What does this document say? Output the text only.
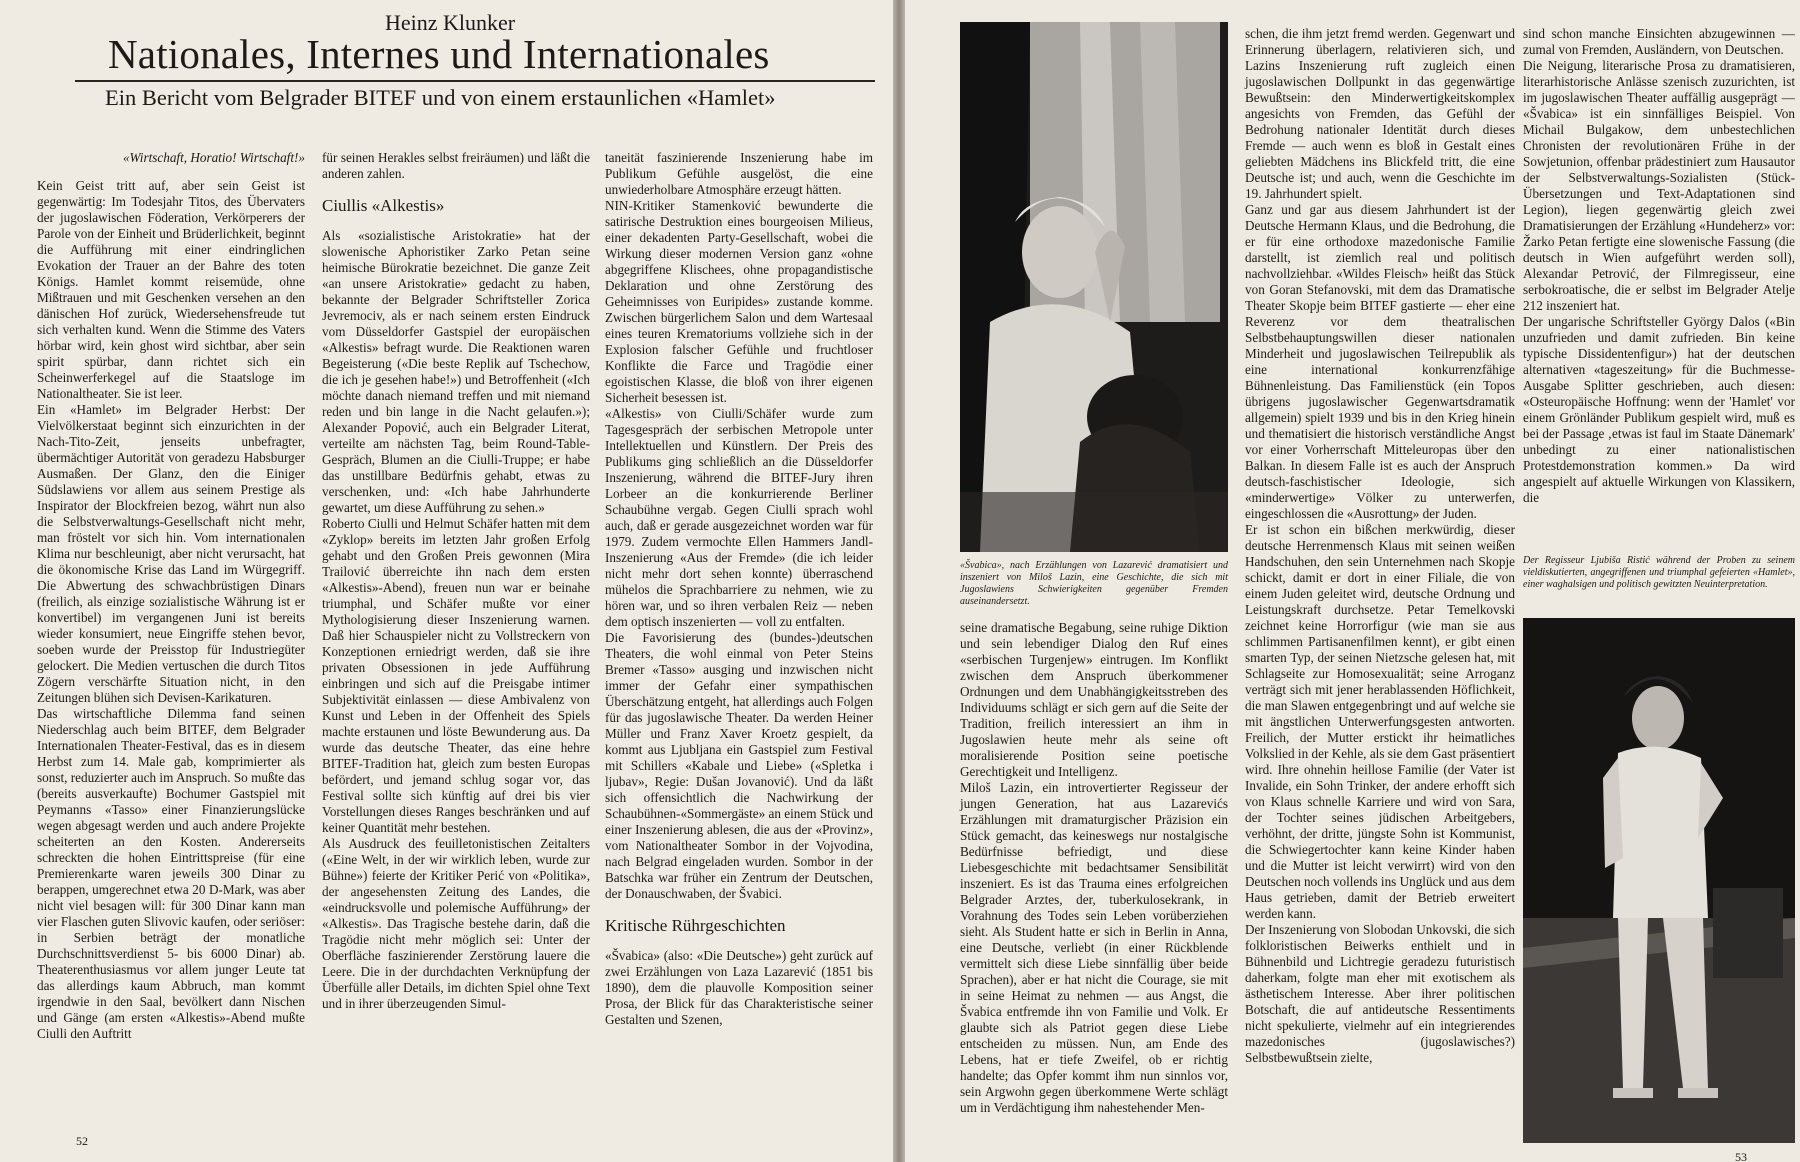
Heinz Klunker
Nationales, Internes und Internationales
Ein Bericht vom Belgrader BITEF und von einem erstaunlichen «Hamlet»

«Wirtschaft, Horatio! Wirtschaft!»

Kein Geist tritt auf, aber sein Geist ist gegenwärtig: Im Todesjahr Titos, des Übervaters der jugoslawischen Föderation, Verkörperers der Parole von der Einheit und Brüderlichkeit, beginnt die Aufführung mit einer eindringlichen Evokation der Trauer an der Bahre des toten Königs. Hamlet kommt reisemüde, ohne Mißtrauen und mit Geschenken versehen an den dänischen Hof zurück, Wiedersehensfreude tut sich verhalten kund. Wenn die Stimme des Vaters hörbar wird, kein ghost wird sichtbar, aber sein spirit spürbar, dann richtet sich ein Scheinwerferkegel auf die Staatsloge im Nationaltheater. Sie ist leer.

Ein «Hamlet» im Belgrader Herbst: Der Vielvölkerstaat beginnt sich einzurichten in der Nach-Tito-Zeit, jenseits unbefragter, übermächtiger Autorität von geradezu Habsburger Ausmaßen. Der Glanz, den die Einiger Südslawiens vor allem aus seinem Prestige als Inspirator der Blockfreien bezog, währt nun also die Selbstverwaltungs-Gesellschaft nicht mehr, man fröstelt vor sich hin. Vom internationalen Klima nur beschleunigt, aber nicht verursacht, hat die ökonomische Krise das Land im Würgegriff. Die Abwertung des schwachbrüstigen Dinars (freilich, als einzige sozialistische Währung ist er konvertibel) im vergangenen Juni ist bereits wieder konsumiert, neue Eingriffe stehen bevor, soeben wurde der Preisstop für Industriegüter gelockert. Die Medien vertuschen die durch Titos Zögern verschärfte Situation nicht, in den Zeitungen blühen sich Devisen-Karikaturen.

Das wirtschaftliche Dilemma fand seinen Niederschlag auch beim BITEF, dem Belgrader Internationalen Theater-Festival, das es in diesem Herbst zum 14. Male gab, komprimierter als sonst, reduzierter auch im Anspruch. So mußte das (bereits ausverkaufte) Bochumer Gastspiel mit Peymanns «Tasso» einer Finanzierungslücke wegen abgesagt werden und auch andere Projekte scheiterten an den Kosten. Andererseits schreckten die hohen Eintrittspreise (für eine Premierenkarte waren jeweils 300 Dinar zu berappen, umgerechnet etwa 20 D-Mark, was aber nicht viel besagen will: für 300 Dinar kann man vier Flaschen guten Slivovic kaufen, oder seriöser: in Serbien beträgt der monatliche Durchschnittsverdienst 5- bis 6000 Dinar) ab. Theaterenthusiasmus vor allem junger Leute tat das allerdings kaum Abbruch, man kommt irgendwie in den Saal, bevölkert dann Nischen und Gänge (am ersten «Alkestis»-Abend mußte Ciulli den Auftritt

für seinen Herakles selbst freiräumen) und läßt die anderen zahlen.

Ciullis «Alkestis»

Als «sozialistische Aristokratie» hat der slowenische Aphoristiker Zarko Petan seine heimische Bürokratie bezeichnet. Die ganze Zeit «an unsere Aristokratie» gedacht zu haben, bekannte der Belgrader Schriftsteller Zorica Jevremociv, als er nach seinem ersten Eindruck vom Düsseldorfer Gastspiel der europäischen «Alkestis» befragt wurde. Die Reaktionen waren Begeisterung («Die beste Replik auf Tschechow, die ich je gesehen habe!») und Betroffenheit («Ich möchte danach niemand treffen und mit niemand reden und bin lange in die Nacht gelaufen.»); Alexander Popović, auch ein Belgrader Literat, verteilte am nächsten Tag, beim Round-Table-Gespräch, Blumen an die Ciulli-Truppe; er habe das unstillbare Bedürfnis gehabt, etwas zu verschenken, und: «Ich habe Jahrhunderte gewartet, um diese Aufführung zu sehen.»

Roberto Ciulli und Helmut Schäfer hatten mit dem «Zyklop» bereits im letzten Jahr großen Erfolg gehabt und den Großen Preis gewonnen (Mira Trailović überreichte ihn nach dem ersten «Alkestis»-Abend), freuen nun war er beinahe triumphal, und Schäfer mußte vor einer Mythologisierung dieser Inszenierung warnen. Daß hier Schauspieler nicht zu Vollstreckern von Konzeptionen erniedrigt werden, daß sie ihre privaten Obsessionen in jede Aufführung einbringen und sich auf die Preisgabe intimer Subjektivität einlassen — diese Ambivalenz von Kunst und Leben in der Offenheit des Spiels machte erstaunen und löste Bewunderung aus. Da wurde das deutsche Theater, das eine hehre BITEF-Tradition hat, gleich zum besten Europas befördert, und jemand schlug sogar vor, das Festival sollte sich künftig auf drei bis vier Vorstellungen dieses Ranges beschränken und auf keiner Quantität mehr bestehen.

Als Ausdruck des feuilletonistischen Zeitalters («Eine Welt, in der wir wirklich leben, wurde zur Bühne») feierte der Kritiker Perić von «Politika», der angesehensten Zeitung des Landes, die «eindrucksvolle und polemische Aufführung» der «Alkestis». Das Tragische bestehe darin, daß die Tragödie nicht mehr möglich sei: Unter der Oberfläche faszinierender Zerstörung lauere die Leere. Die in der durchdachten Verknüpfung der Überfülle aller Details, im dichten Spiel ohne Text und in ihrer überzeugenden Simul-

taneität faszinierende Inszenierung habe im Publikum Gefühle ausgelöst, die eine unwiederholbare Atmosphäre erzeugt hätten.

NIN-Kritiker Stamenković bewunderte die satirische Destruktion eines bourgeoisen Milieus, einer dekadenten Party-Gesellschaft, wobei die Wirkung dieser modernen Version ganz «ohne abgegriffene Klischees, ohne propagandistische Deklaration und ohne Zerstörung des Geheimnisses von Euripides» zustande komme. Zwischen bürgerlichem Salon und dem Wartesaal eines teuren Krematoriums vollziehe sich in der Explosion falscher Gefühle und fruchtloser Konflikte die Farce und Tragödie einer egoistischen Klasse, die bloß von ihrer eigenen Sicherheit besessen ist.

«Alkestis» von Ciulli/Schäfer wurde zum Tagesgespräch der serbischen Metropole unter Intellektuellen und Künstlern. Der Preis des Publikums ging schließlich an die Düsseldorfer Inszenierung, während die BITEF-Jury ihren Lorbeer an die konkurrierende Berliner Schaubühne vergab. Gegen Ciulli sprach wohl auch, daß er gerade ausgezeichnet worden war für 1979. Zudem vermochte Ellen Hammers Jandl-Inszenierung «Aus der Fremde» (die ich leider nicht mehr dort sehen konnte) überraschend mühelos die Sprachbarriere zu nehmen, wie zu hören war, und so ihren verbalen Reiz — neben dem optisch inszenierten — voll zu entfalten.

Die Favorisierung des (bundes-)deutschen Theaters, die wohl einmal von Peter Steins Bremer «Tasso» ausging und inzwischen nicht immer der Gefahr einer sympathischen Überschätzung entgeht, hat allerdings auch Folgen für das jugoslawische Theater. Da werden Heiner Müller und Franz Xaver Kroetz gespielt, da kommt aus Ljubljana ein Gastspiel zum Festival mit Schillers «Kabale und Liebe» («Spletka i ljubav», Regie: Dušan Jovanović). Und da läßt sich offensichtlich die Nachwirkung der Schaubühnen-«Sommergäste» an einem Stück und einer Inszenierung ablesen, die aus der «Provinz», vom Nationaltheater Sombor in der Vojvodina, nach Belgrad eingeladen wurden. Sombor in der Batschka war früher ein Zentrum der Deutschen, der Donauschwaben, der Švabici.

Kritische Rührgeschichten

«Švabica» (also: «Die Deutsche») geht zurück auf zwei Erzählungen von Laza Lazarević (1851 bis 1890), dem die plauvolle Komposition seiner Prosa, der Blick für das Charakteristische seiner Gestalten und Szenen,

52
«Švabica», nach Erzählungen von Lazarević dramatisiert und inszeniert von Miloš Lazin, eine Geschichte, die sich mit Jugoslawiens Schwierigkeiten gegenüber Fremden auseinandersetzt.

seine dramatische Begabung, seine ruhige Diktion und sein lebendiger Dialog den Ruf eines «serbischen Turgenjew» eintrugen. Im Konflikt zwischen dem Anspruch überkommener Ordnungen und dem Unabhängigkeitsstreben des Individuums schlägt er sich gern auf die Seite der Tradition, freilich interessiert an ihm in Jugoslawien heute mehr als seine oft moralisierende Position seine poetische Gerechtigkeit und Intelligenz.

Miloš Lazin, ein introvertierter Regisseur der jungen Generation, hat aus Lazarevićs Erzählungen mit dramaturgischer Präzision ein Stück gemacht, das keineswegs nur nostalgische Bedürfnisse befriedigt, und diese Liebesgeschichte mit bedachtsamer Sensibilität inszeniert. Es ist das Trauma eines erfolgreichen Belgrader Arztes, der, tuberkulosekrank, in Vorahnung des Todes sein Leben vorüberziehen sieht. Als Student hatte er sich in Berlin in Anna, eine Deutsche, verliebt (in einer Rückblende vermittelt sich diese Liebe sinnfällig über beide Sprachen), aber er hat nicht die Courage, sie mit in seine Heimat zu nehmen — aus Angst, die Švabica entfremde ihn von Familie und Volk. Er glaubte sich als Patriot gegen diese Liebe entscheiden zu müssen. Nun, am Ende des Lebens, hat er tiefe Zweifel, ob er richtig handelte; das Opfer kommt ihm nun sinnlos vor, sein Argwohn gegen überkommene Werte schlägt um in Verdächtigung ihm nahestehender Men-

schen, die ihm jetzt fremd werden. Gegenwart und Erinnerung überlagern, relativieren sich, und Lazins Inszenierung ruft zugleich einen jugoslawischen Dollpunkt in das gegenwärtige Bewußtsein: den Minderwertigkeitskomplex angesichts von Fremden, das Gefühl der Bedrohung nationaler Identität durch dieses Fremde — auch wenn es bloß in Gestalt eines geliebten Mädchens ins Blickfeld tritt, die eine Deutsche ist; und auch, wenn die Geschichte im 19. Jahrhundert spielt.

Ganz und gar aus diesem Jahrhundert ist der Deutsche Hermann Klaus, und die Bedrohung, die er für eine orthodoxe mazedonische Familie darstellt, ist ziemlich real und politisch nachvollziehbar. «Wildes Fleisch» heißt das Stück von Goran Stefanovski, mit dem das Dramatische Theater Skopje beim BITEF gastierte — eher eine Reverenz vor dem theatralischen Selbstbehauptungswillen dieser nationalen Minderheit und jugoslawischen Teilrepublik als eine international konkurrenzfähige Bühnenleistung. Das Familienstück (ein Topos übrigens jugoslawischer Gegenwartsdramatik allgemein) spielt 1939 und bis in den Krieg hinein und thematisiert die historisch verständliche Angst vor einer Vorherrschaft Mitteleuropas über den Balkan. In diesem Falle ist es auch der Anspruch deutsch-faschistischer Ideologie, sich «minderwertige» Völker zu unterwerfen, eingeschlossen die «Ausrottung» der Juden.

Er ist schon ein bißchen merkwürdig, dieser deutsche Herrenmensch Klaus mit seinen weißen Handschuhen, den sein Unternehmen nach Skopje schickt, damit er dort in einer Filiale, die von einem Juden geleitet wird, deutsche Ordnung und Leistungskraft durchsetze. Petar Temelkovski zeichnet keine Horrorfigur (wie man sie aus schlimmen Partisanenfilmen kennt), er gibt einen smarten Typ, der seinen Nietzsche gelesen hat, mit Schlagseite zur Homosexualität; seine Arroganz verträgt sich mit jener herablassenden Höflichkeit, die man Slawen entgegenbringt und auf welche sie mit ängstlichen Unterwerfungsgesten antworten. Freilich, der Mutter erstickt ihr heimatliches Volkslied in der Kehle, als sie dem Gast präsentiert wird. Ihre ohnehin heillose Familie (der Vater ist Invalide, ein Sohn Trinker, der andere erhofft sich von Klaus schnelle Karriere und wird von Sara, der Tochter seines jüdischen Arbeitgebers, verhöhnt, der dritte, jüngste Sohn ist Kommunist, die Schwiegertochter kann keine Kinder haben und die Mutter ist leicht verwirrt) wird von den Deutschen noch vollends ins Unglück und aus dem Haus getrieben, damit der Betrieb erweitert werden kann.

Der Inszenierung von Slobodan Unkovski, die sich folkloristischen Beiwerks enthielt und in Bühnenbild und Lichtregie geradezu futuristisch daherkam, folgte man eher mit exotischem als ästhetischem Interesse. Aber ihrer politischen Botschaft, die auf antideutsche Ressentiments nicht spekulierte, vielmehr auf ein integrierendes mazedonisches (jugoslawisches?) Selbstbewußtsein zielte,

sind schon manche Einsichten abzugewinnen — zumal von Fremden, Ausländern, von Deutschen.

Die Neigung, literarische Prosa zu dramatisieren, literarhistorische Anlässe szenisch zuzurichten, ist im jugoslawischen Theater auffällig ausgeprägt — «Švabica» ist ein sinnfälliges Beispiel. Von Michail Bulgakow, dem unbestechlichen Chronisten der revolutionären Frühe in der Sowjetunion, offenbar prädestiniert zum Hausautor der Selbstverwaltungs-Sozialisten (Stück-Übersetzungen und Text-Adaptationen sind Legion), liegen gegenwärtig gleich zwei Dramatisierungen der Erzählung «Hundeherz» vor: Žarko Petan fertigte eine slowenische Fassung (die deutsch in Wien aufgeführt werden soll), Alexandar Petrović, der Filmregisseur, eine serbokroatische, die er selbst im Belgrader Atelje 212 inszeniert hat.

Der ungarische Schriftsteller György Dalos («Bin unzufrieden und damit zufrieden. Bin keine typische Dissidentenfigur») hat der deutschen alternativen «tageszeitung» für die Buchmesse-Ausgabe Splitter geschrieben, auch diesen: «Osteuropäische Hoffnung: wenn der 'Hamlet' vor einem Grönländer Publikum gespielt wird, muß es bei der Passage ‚etwas ist faul im Staate Dänemark' unbedingt zu einer nationalistischen Protestdemonstration kommen.» Da wird angespielt auf aktuelle Wirkungen von Klassikern, die

Der Regisseur Ljubiša Ristić während der Proben zu seinem vieldiskutierten, angegriffenen und triumphal gefeierten «Hamlet», einer waghalsigen und politisch gewitzten Neuinterpretation.
53
